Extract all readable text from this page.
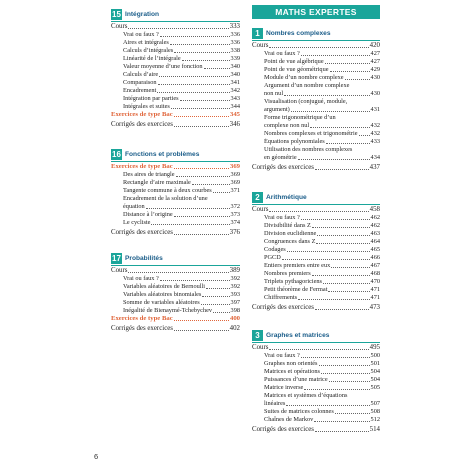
15 Intégration
Cours	333
Vrai ou faux ?	336
Aires et intégrales	336
Calculs d’intégrales	338
Linéarité de l’intégrale	339
Valeur moyenne d’une fonction	340
Calculs d’aire	340
Comparaison	341
Encadrement	342
Intégration par parties	343
Intégrales et suites	344
Exercices de type Bac	345
Corrigés des exercices	346
16 Fonctions et problèmes
Exercices de type Bac	369
Des aires de triangle	369
Rectangle d’aire maximale	369
Tangente commune à deux courbes	371
Encadrement de la solution d’une
équation	372
Distance à l’origine	373
Le cycliste	374
Corrigés des exercices	376
17 Probabilités
Cours	389
Vrai ou faux ?	392
Variables aléatoires de Bernoulli	392
Variables aléatoires binomiales	393
Somme de variables aléatoires	397
Inégalité de Bienaymé-Tchebychev	398
Exercices de type Bac	400
Corrigés des exercices	402
MATHS EXPERTES
1 Nombres complexes
Cours	420
Vrai ou faux ?	427
Point de vue algébrique	427
Point de vue géométrique	429
Module d’un nombre complexe	430
Argument d’un nombre complexe
non nul	430
Visualisation (conjugué, module,
argument)	431
Forme trigonométrique d’un
complexe non nul	432
Nombres complexes et trigonométrie 432
Équations polynomiales	433
Utilisation des nombres complexes
en géométrie	434
Corrigés des exercices	437
2 Arithmétique
Cours	458
Vrai ou faux ?	462
Divisibilité dans Z	462
Division euclidienne	463
Congruences dans Z	464
Codages	465
PGCD	466
Entiers premiers entre eux	467
Nombres premiers	468
Triplets pythagoriciens	470
Petit théorème de Fermat	471
Chiffrements	471
Corrigés des exercices	473
3 Graphes et matrices
Cours	495
Vrai ou faux ?	500
Graphes non orientés	501
Matrices et opérations	504
Puissances d’une matrice	504
Matrice inverse	505
Matrices et systèmes d’équations
linéaires	507
Suites de matrices colonnes	508
Chaînes de Markov	512
Corrigés des exercices	514
6
